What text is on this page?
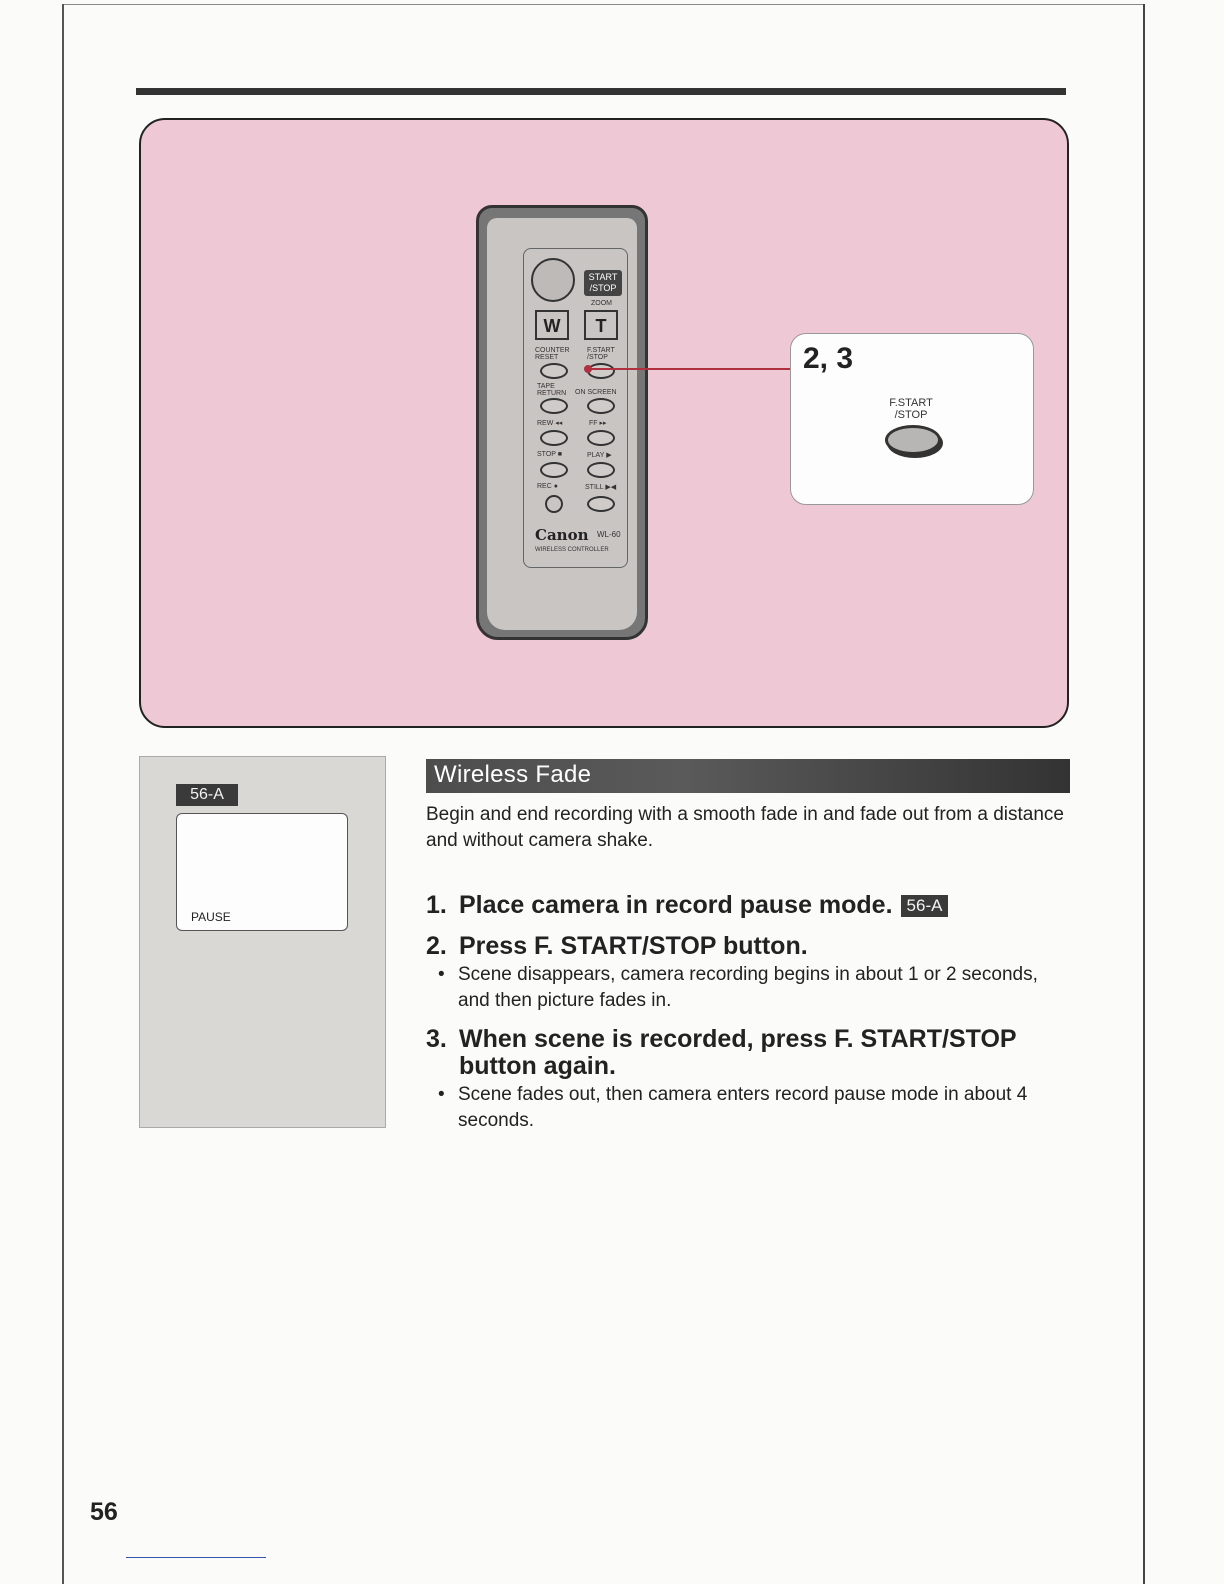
START
/STOP
ZOOM
W	T
COUNTER RESET
F.START /STOP
TAPE RETURN	ON SCREEN
REW ◂◂	FF ▸▸
STOP ■	PLAY ▶
REC ●	STILL ▶◀
Canon WL-60
WIRELESS CONTROLLER
2, 3
F.START
/STOP
56-A
PAUSE
Wireless Fade
Begin and end recording with a smooth fade in and fade out from a distance and without camera shake.
1. Place camera in record pause mode. 56-A
2. Press F. START/STOP button.
• Scene disappears, camera recording begins in about 1 or 2 seconds, and then picture fades in.
3. When scene is recorded, press F. START/STOP button again.
• Scene fades out, then camera enters record pause mode in about 4 seconds.
56
